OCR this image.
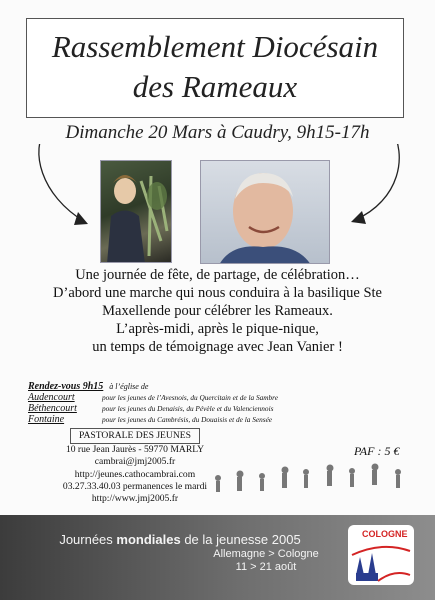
Rassemblement Diocésain
des Rameaux
Dimanche 20 Mars à Caudry, 9h15-17h
Une journée de fête, de partage, de célébration…
D’abord une marche qui nous conduira à la basilique Ste
Maxellende pour célébrer les Rameaux.
L’après-midi, après le pique-nique,
un temps de témoignage avec Jean Vanier !
Rendez-vous 9h15 à l’église de
Audencourt	pour les jeunes de l’Avesnois, du Quercitain et de la Sambre
Béthencourt	pour les jeunes du Denaisis, du Pévèle et du Valenciennois
Fontaine	pour les jeunes du Cambrésis, du Douaisis et de la Sensée
PASTORALE DES JEUNES
10 rue Jean Jaurès - 59770 MARLY
cambrai@jmj2005.fr
http://jeunes.cathocambrai.com
03.27.33.40.03 permanences le mardi
http://www.jmj2005.fr
PAF : 5 €
Journées mondiales de la jeunesse 2005
Allemagne > Cologne
11 > 21 août
COLOGNE
